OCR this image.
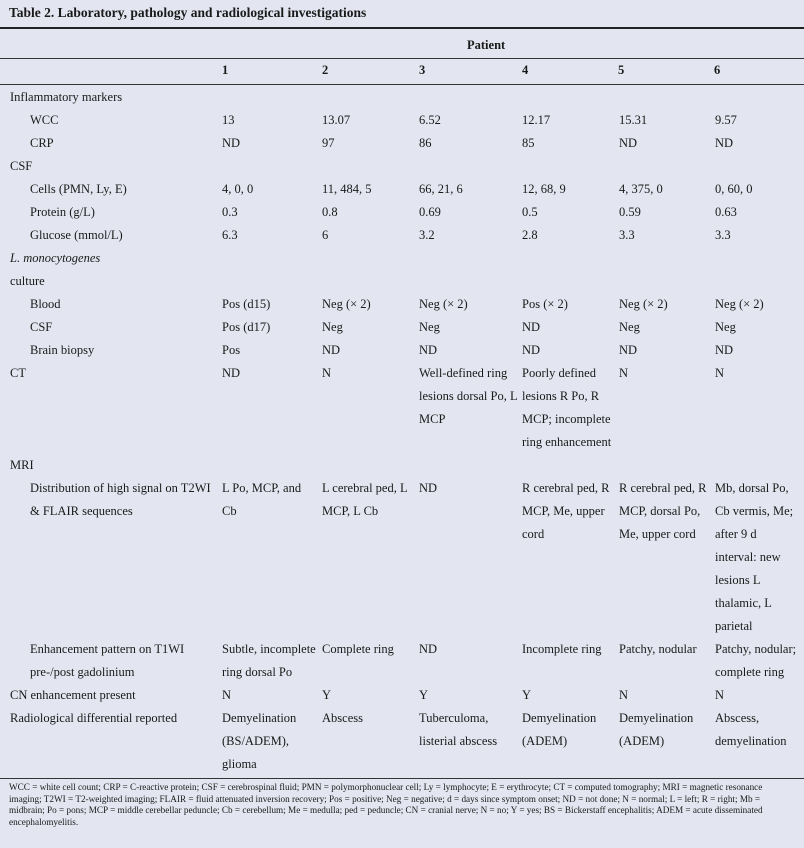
Table 2. Laboratory, pathology and radiological investigations
Patient
1	2	3	4	5	6
Inflammatory markers						
WCC	13	13.07	6.52	12.17	15.31	9.57
CRP	ND	97	86	85	ND	ND
CSF						
Cells (PMN, Ly, E)	4, 0, 0	11, 484, 5	66, 21, 6	12, 68, 9	4, 375, 0	0, 60, 0
Protein (g/L)	0.3	0.8	0.69	0.5	0.59	0.63
Glucose (mmol/L)	6.3	6	3.2	2.8	3.3	3.3
L. monocytogenes
culture						
Blood	Pos (d15)	Neg (× 2)	Neg (× 2)	Pos (× 2)	Neg (× 2)	Neg (× 2)
CSF	Pos (d17)	Neg	Neg	ND	Neg	Neg
Brain biopsy	Pos	ND	ND	ND	ND	ND
CT	ND	N	Well-defined ring lesions dorsal Po, L MCP	Poorly defined lesions R Po, R MCP; incomplete ring enhancement	N	N
MRI						
Distribution of high signal on T2WI & FLAIR sequences	L Po, MCP, and Cb	L cerebral ped, L MCP, L Cb	ND	R cerebral ped, R MCP, Me, upper cord	R cerebral ped, R MCP, dorsal Po, Me, upper cord	Mb, dorsal Po, Cb vermis, Me; after 9 d interval: new lesions L thalamic, L parietal
Enhancement pattern on T1WI pre-/post gadolinium	Subtle, incomplete ring dorsal Po	Complete ring	ND	Incomplete ring	Patchy, nodular	Patchy, nodular; complete ring
CN enhancement present	N	Y	Y	Y	N	N
Radiological differential reported	Demyelination (BS/ADEM), glioma	Abscess	Tuberculoma, listerial abscess	Demyelination (ADEM)	Demyelination (ADEM)	Abscess, demyelination
WCC = white cell count; CRP = C-reactive protein; CSF = cerebrospinal fluid; PMN = polymorphonuclear cell; Ly = lymphocyte; E = erythrocyte; CT = computed tomography; MRI = magnetic resonance imaging; T2WI = T2-weighted imaging; FLAIR = fluid attenuated inversion recovery; Pos = positive; Neg = negative; d = days since symptom onset; ND = not done; N = normal; L = left; R = right; Mb = midbrain; Po = pons; MCP = middle cerebellar peduncle; Cb = cerebellum; Me = medulla; ped = peduncle; CN = cranial nerve; N = no; Y = yes; BS = Bickerstaff encephalitis; ADEM = acute disseminated encephalomyelitis.
